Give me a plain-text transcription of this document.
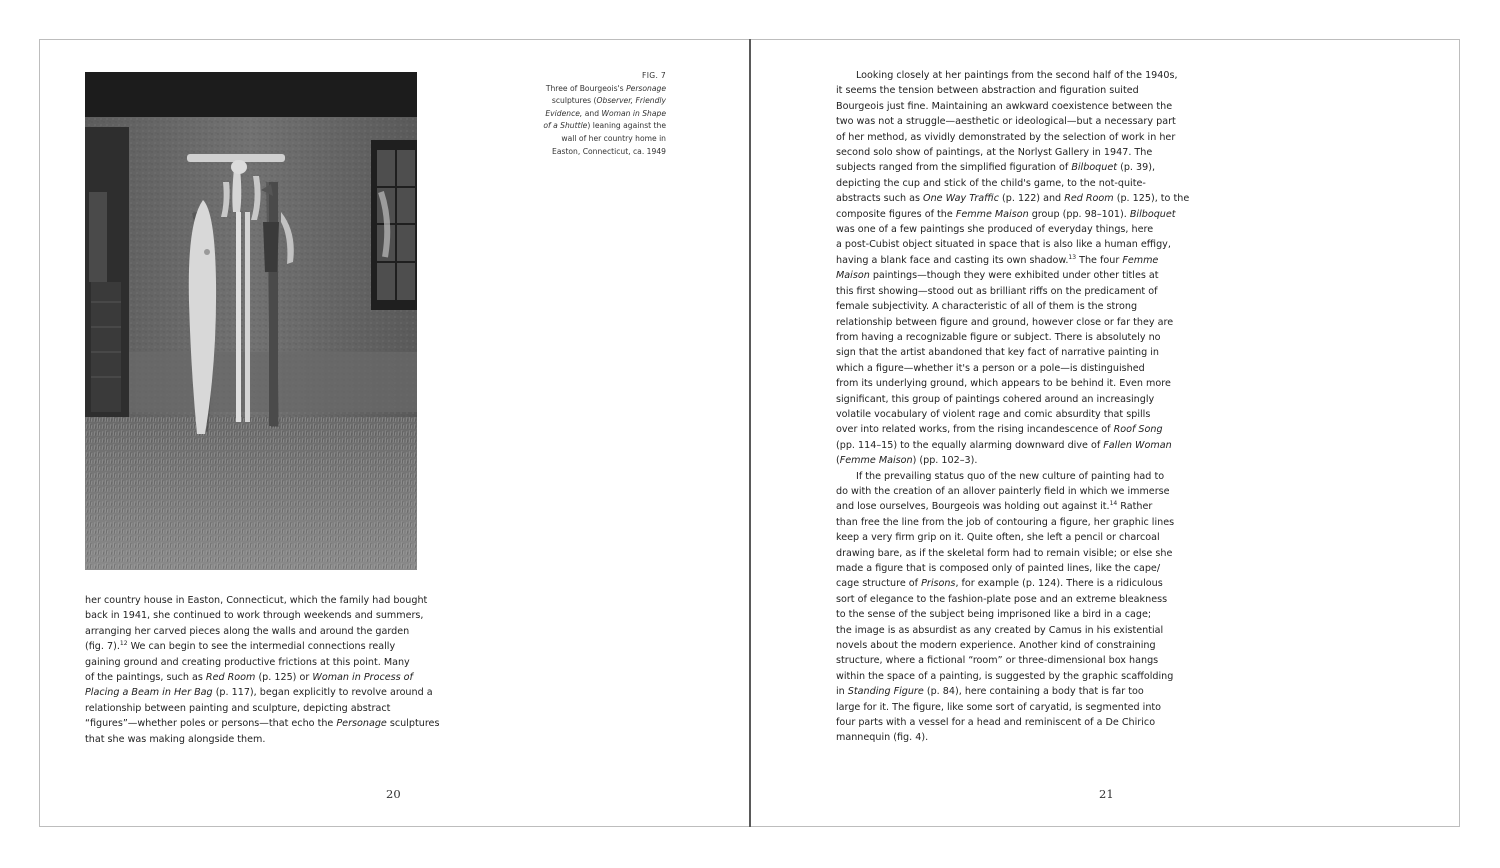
FIG. 7
Three of Bourgeois's Personage
sculptures (Observer, Friendly
Evidence, and Woman in Shape
of a Shuttle) leaning against the
wall of her country home in
Easton, Connecticut, ca. 1949
her country house in Easton, Connecticut, which the family had bought
back in 1941, she continued to work through weekends and summers,
arranging her carved pieces along the walls and around the garden
(fig. 7).$^{12}$ We can begin to see the intermedial connections really
gaining ground and creating productive frictions at this point. Many
of the paintings, such as Red Room (p. 125) or Woman in Process of
Placing a Beam in Her Bag (p. 117), began explicitly to revolve around a
relationship between painting and sculpture, depicting abstract
“figures”—whether poles or persons—that echo the Personage sculptures
that she was making alongside them.
20
Looking closely at her paintings from the second half of the 1940s,
it seems the tension between abstraction and figuration suited
Bourgeois just fine. Maintaining an awkward coexistence between the
two was not a struggle—aesthetic or ideological—but a necessary part
of her method, as vividly demonstrated by the selection of work in her
second solo show of paintings, at the Norlyst Gallery in 1947. The
subjects ranged from the simplified figuration of Bilboquet (p. 39),
depicting the cup and stick of the child's game, to the not-quite-
abstracts such as One Way Traffic (p. 122) and Red Room (p. 125), to the
composite figures of the Femme Maison group (pp. 98–101). Bilboquet
was one of a few paintings she produced of everyday things, here
a post-Cubist object situated in space that is also like a human effigy,
having a blank face and casting its own shadow.$^{13}$ The four Femme
Maison paintings—though they were exhibited under other titles at
this first showing—stood out as brilliant riffs on the predicament of
female subjectivity. A characteristic of all of them is the strong
relationship between figure and ground, however close or far they are
from having a recognizable figure or subject. There is absolutely no
sign that the artist abandoned that key fact of narrative painting in
which a figure—whether it's a person or a pole—is distinguished
from its underlying ground, which appears to be behind it. Even more
significant, this group of paintings cohered around an increasingly
volatile vocabulary of violent rage and comic absurdity that spills
over into related works, from the rising incandescence of Roof Song
(pp. 114–15) to the equally alarming downward dive of Fallen Woman
(Femme Maison) (pp. 102–3).
If the prevailing status quo of the new culture of painting had to
do with the creation of an allover painterly field in which we immerse
and lose ourselves, Bourgeois was holding out against it.$^{14}$ Rather
than free the line from the job of contouring a figure, her graphic lines
keep a very firm grip on it. Quite often, she left a pencil or charcoal
drawing bare, as if the skeletal form had to remain visible; or else she
made a figure that is composed only of painted lines, like the cape/
cage structure of Prisons, for example (p. 124). There is a ridiculous
sort of elegance to the fashion-plate pose and an extreme bleakness
to the sense of the subject being imprisoned like a bird in a cage;
the image is as absurdist as any created by Camus in his existential
novels about the modern experience. Another kind of constraining
structure, where a fictional “room” or three-dimensional box hangs
within the space of a painting, is suggested by the graphic scaffolding
in Standing Figure (p. 84), here containing a body that is far too
large for it. The figure, like some sort of caryatid, is segmented into
four parts with a vessel for a head and reminiscent of a De Chirico
mannequin (fig. 4).
21
